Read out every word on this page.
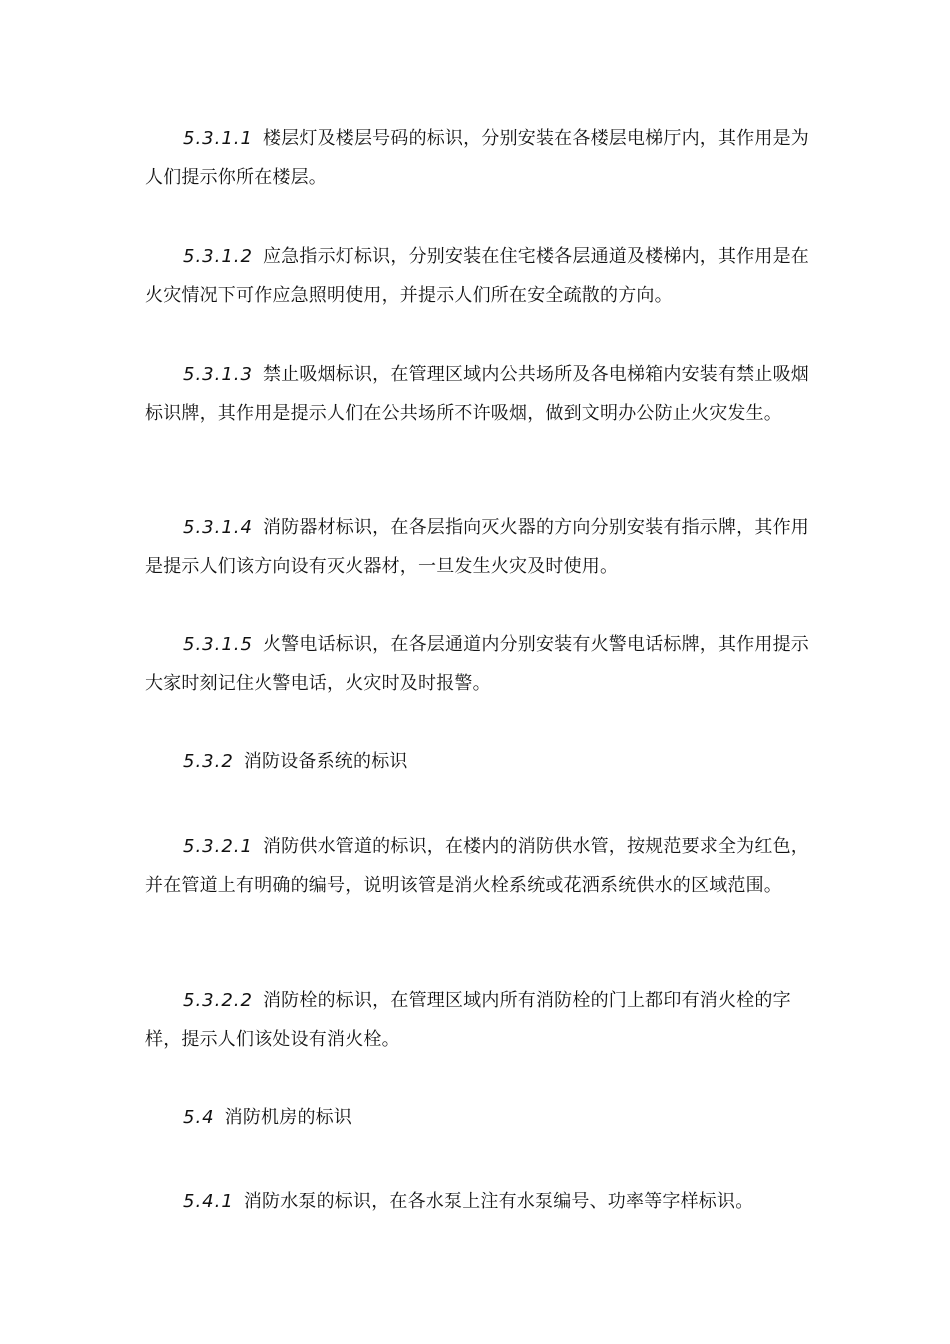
5.3.1.1 楼层灯及楼层号码的标识，分别安装在各楼层电梯厅内，其作用是为人们提示你所在楼层。

5.3.1.2 应急指示灯标识，分别安装在住宅楼各层通道及楼梯内，其作用是在火灾情况下可作应急照明使用，并提示人们所在安全疏散的方向。

5.3.1.3 禁止吸烟标识，在管理区域内公共场所及各电梯箱内安装有禁止吸烟标识牌，其作用是提示人们在公共场所不许吸烟，做到文明办公防止火灾发生。

5.3.1.4 消防器材标识，在各层指向灭火器的方向分别安装有指示牌，其作用是提示人们该方向设有灭火器材，一旦发生火灾及时使用。

5.3.1.5 火警电话标识，在各层通道内分别安装有火警电话标牌，其作用提示大家时刻记住火警电话，火灾时及时报警。

5.3.2 消防设备系统的标识

5.3.2.1 消防供水管道的标识，在楼内的消防供水管，按规范要求全为红色，并在管道上有明确的编号，说明该管是消火栓系统或花洒系统供水的区域范围。

5.3.2.2 消防栓的标识，在管理区域内所有消防栓的门上都印有消火栓的字样，提示人们该处设有消火栓。

5.4 消防机房的标识

5.4.1 消防水泵的标识，在各水泵上注有水泵编号、功率等字样标识。
